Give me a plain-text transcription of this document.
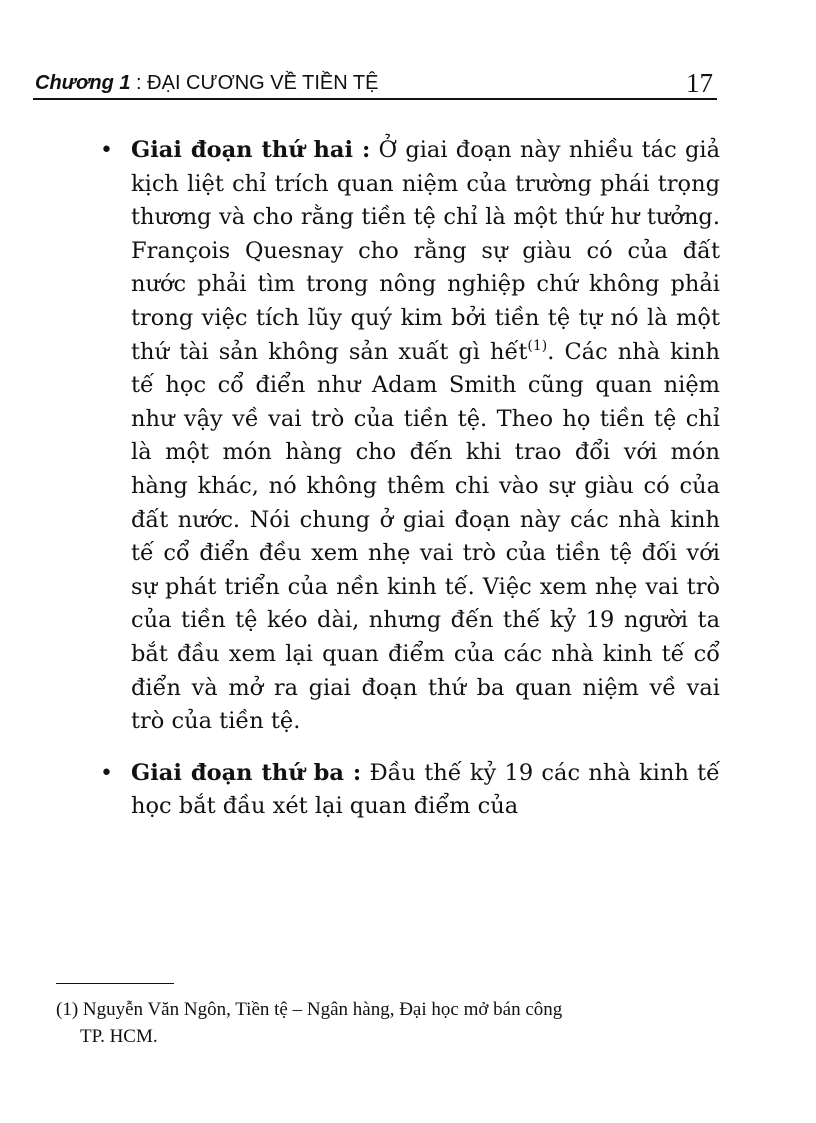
Chương 1 : ĐẠI CƯƠNG VỀ TIỀN TỆ	17

• Giai đoạn thứ hai : Ở giai đoạn này nhiều tác giả kịch liệt chỉ trích quan niệm của trường phái trọng thương và cho rằng tiền tệ chỉ là một thứ hư tưởng. François Quesnay cho rằng sự giàu có của đất nước phải tìm trong nông nghiệp chứ không phải trong việc tích lũy quý kim bởi tiền tệ tự nó là một thứ tài sản không sản xuất gì hết$^{(1)}$. Các nhà kinh tế học cổ điển như Adam Smith cũng quan niệm như vậy về vai trò của tiền tệ. Theo họ tiền tệ chỉ là một món hàng cho đến khi trao đổi với món hàng khác, nó không thêm chi vào sự giàu có của đất nước. Nói chung ở giai đoạn này các nhà kinh tế cổ điển đều xem nhẹ vai trò của tiền tệ đối với sự phát triển của nền kinh tế. Việc xem nhẹ vai trò của tiền tệ kéo dài, nhưng đến thế kỷ 19 người ta bắt đầu xem lại quan điểm của các nhà kinh tế cổ điển và mở ra giai đoạn thứ ba quan niệm về vai trò của tiền tệ.

• Giai đoạn thứ ba : Đầu thế kỷ 19 các nhà kinh tế học bắt đầu xét lại quan điểm của

(1) Nguyễn Văn Ngôn, Tiền tệ – Ngân hàng, Đại học mở bán công
TP. HCM.
